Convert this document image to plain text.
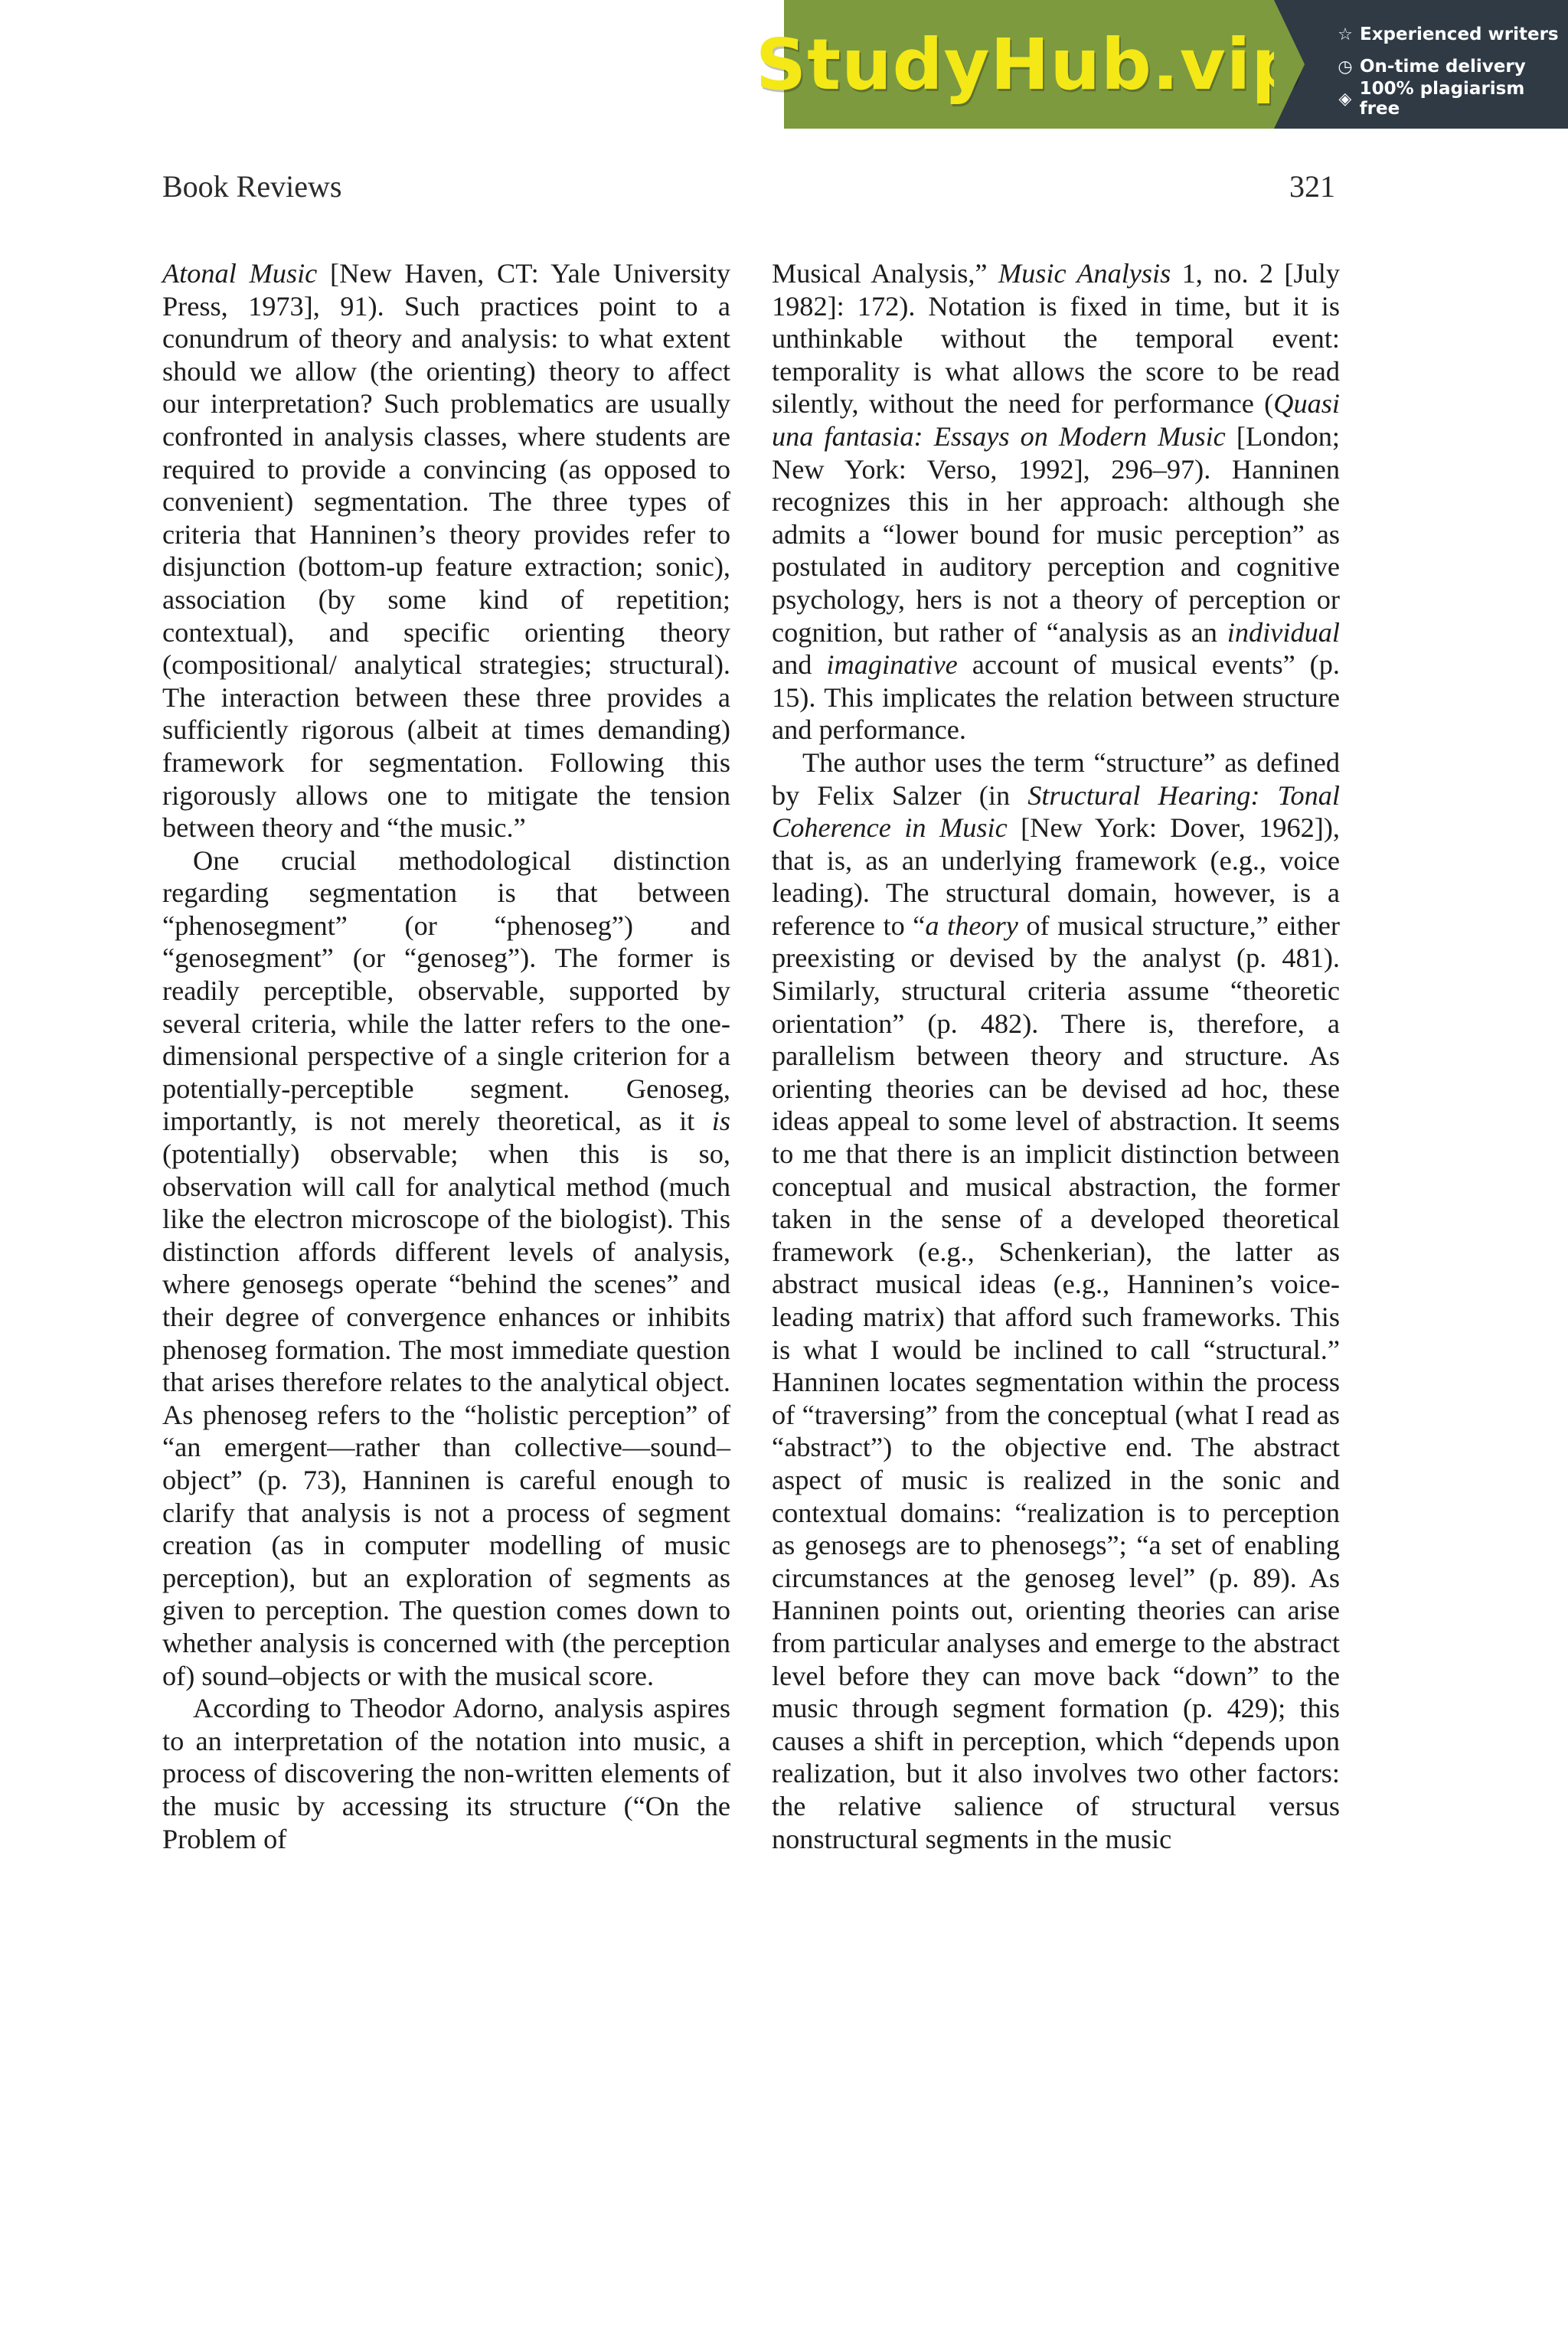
StudyHub.vip ☆ Experienced writers
◷ On-time delivery
◈ 100% plagiarism free
Book Reviews	321

Atonal Music [New Haven, CT: Yale University Press, 1973], 91). Such practices point to a conundrum of theory and analysis: to what extent should we allow (the orienting) theory to affect our interpretation? Such problematics are usually confronted in analysis classes, where students are required to provide a convincing (as opposed to convenient) segmentation. The three types of criteria that Hanninen’s theory provides refer to disjunction (bottom-up feature extraction; sonic), association (by some kind of repetition; contextual), and specific orienting theory (compositional/ analytical strategies; structural). The interaction between these three provides a sufficiently rigorous (albeit at times demanding) framework for segmentation. Following this rigorously allows one to mitigate the tension between theory and “the music.”

One crucial methodological distinction regarding segmentation is that between “phenosegment” (or “phenoseg”) and “genosegment” (or “genoseg”). The former is readily perceptible, observable, supported by several criteria, while the latter refers to the one-dimensional perspective of a single criterion for a potentially-perceptible segment. Genoseg, importantly, is not merely theoretical, as it is (potentially) observable; when this is so, observation will call for analytical method (much like the electron microscope of the biologist). This distinction affords different levels of analysis, where genosegs operate “behind the scenes” and their degree of convergence enhances or inhibits phenoseg formation. The most immediate question that arises therefore relates to the analytical object. As phenoseg refers to the “holistic perception” of “an emergent—rather than collective—sound–object” (p. 73), Hanninen is careful enough to clarify that analysis is not a process of segment creation (as in computer modelling of music perception), but an exploration of segments as given to perception. The question comes down to whether analysis is concerned with (the perception of) sound–objects or with the musical score.

According to Theodor Adorno, analysis aspires to an interpretation of the notation into music, a process of discovering the non-written elements of the music by accessing its structure (“On the Problem of

Musical Analysis,” Music Analysis 1, no. 2 [July 1982]: 172). Notation is fixed in time, but it is unthinkable without the temporal event: temporality is what allows the score to be read silently, without the need for performance (Quasi una fantasia: Essays on Modern Music [London; New York: Verso, 1992], 296–97). Hanninen recognizes this in her approach: although she admits a “lower bound for music perception” as postulated in auditory perception and cognitive psychology, hers is not a theory of perception or cognition, but rather of “analysis as an individual and imaginative account of musical events” (p. 15). This implicates the relation between structure and performance.

The author uses the term “structure” as defined by Felix Salzer (in Structural Hearing: Tonal Coherence in Music [New York: Dover, 1962]), that is, as an underlying framework (e.g., voice leading). The structural domain, however, is a reference to “a theory of musical structure,” either preexisting or devised by the analyst (p. 481). Similarly, structural criteria assume “theoretic orientation” (p. 482). There is, therefore, a parallelism between theory and structure. As orienting theories can be devised ad hoc, these ideas appeal to some level of abstraction. It seems to me that there is an implicit distinction between conceptual and musical abstraction, the former taken in the sense of a developed theoretical framework (e.g., Schenkerian), the latter as abstract musical ideas (e.g., Hanninen’s voice-leading matrix) that afford such frameworks. This is what I would be inclined to call “structural.” Hanninen locates segmentation within the process of “traversing” from the conceptual (what I read as “abstract”) to the objective end. The abstract aspect of music is realized in the sonic and contextual domains: “realization is to perception as genosegs are to phenosegs”; “a set of enabling circumstances at the genoseg level” (p. 89). As Hanninen points out, orienting theories can arise from particular analyses and emerge to the abstract level before they can move back “down” to the music through segment formation (p. 429); this causes a shift in perception, which “depends upon realization, but it also involves two other factors: the relative salience of structural versus nonstructural segments in the music
